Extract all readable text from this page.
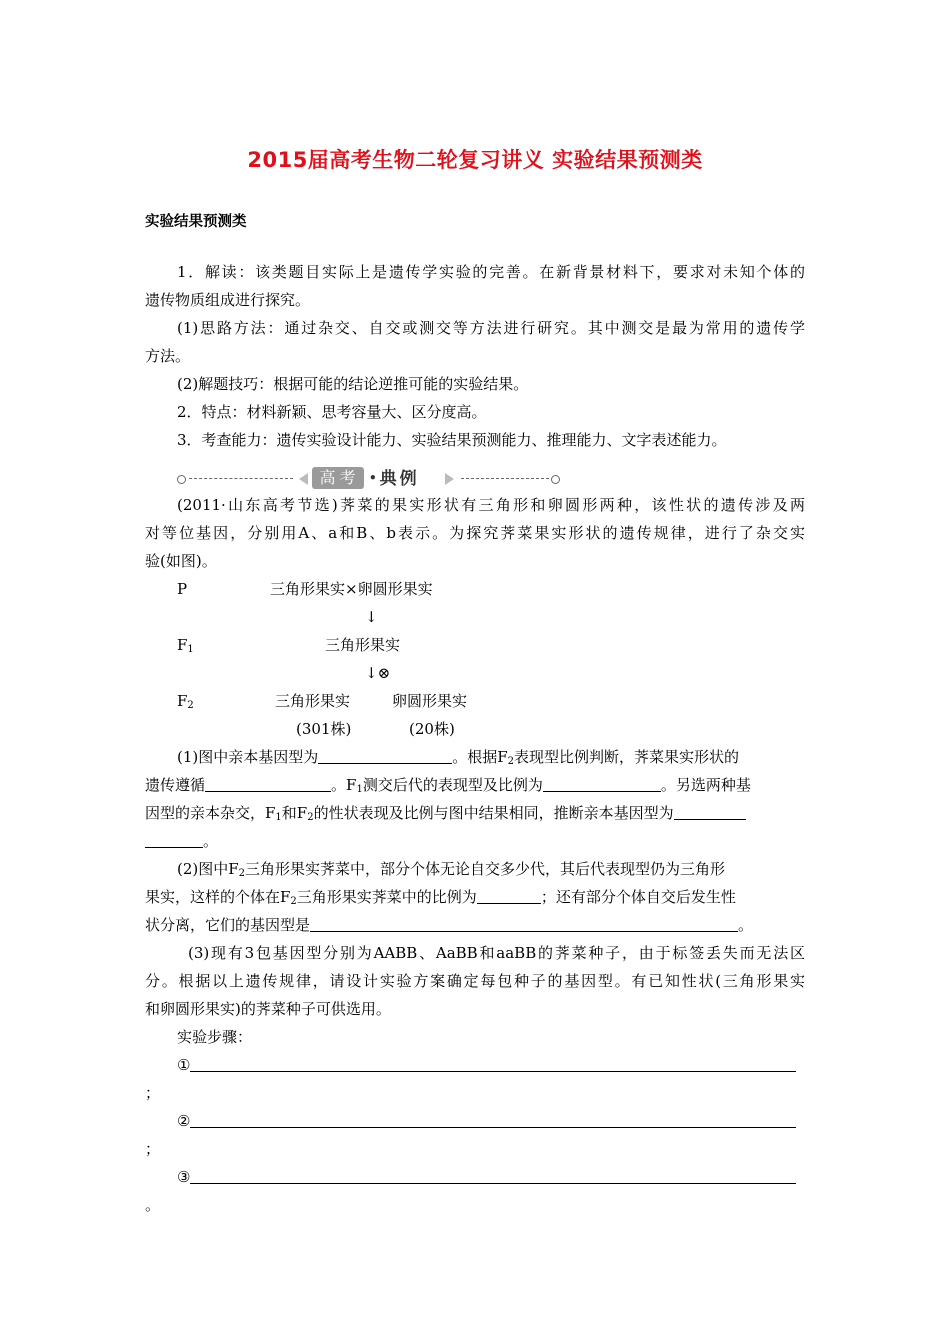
2015届高考生物二轮复习讲义 实验结果预测类
实验结果预测类
1．解读：该类题目实际上是遗传学实验的完善。在新背景材料下，要求对未知个体的
遗传物质组成进行探究。
(1)思路方法：通过杂交、自交或测交等方法进行研究。其中测交是最为常用的遗传学
方法。
(2)解题技巧：根据可能的结论逆推可能的实验结果。
2．特点：材料新颖、思考容量大、区分度高。
3．考查能力：遗传实验设计能力、实验结果预测能力、推理能力、文字表述能力。
高考 •典例
(2011·山东高考节选)荠菜的果实形状有三角形和卵圆形两种，该性状的遗传涉及两
对等位基因，分别用A、a和B、b表示。为探究荠菜果实形状的遗传规律，进行了杂交实
验(如图)。
P	三角形果实×卵圆形果实
↓
$F_1$	三角形果实
↓⊗
$F_2$	三角形果实	卵圆形果实
(301株)	(20株)
(1)图中亲本基因型为	。根据$F_2$表现型比例判断，荠菜果实形状的
遗传遵循	。$F_1$测交后代的表现型及比例为	。另选两种基
因型的亲本杂交，$F_1$和$F_2$的性状表现及比例与图中结果相同，推断亲本基因型为
。
(2)图中$F_2$三角形果实荠菜中，部分个体无论自交多少代，其后代表现型仍为三角形
果实，这样的个体在$F_2$三角形果实荠菜中的比例为	；还有部分个体自交后发生性
状分离，它们的基因型是	。
(3)现有3包基因型分别为AABB、AaBB和aaBB的荠菜种子，由于标签丢失而无法区
分。根据以上遗传规律，请设计实验方案确定每包种子的基因型。有已知性状(三角形果实
和卵圆形果实)的荠菜种子可供选用。
实验步骤：
①
；
②
；
③
。
